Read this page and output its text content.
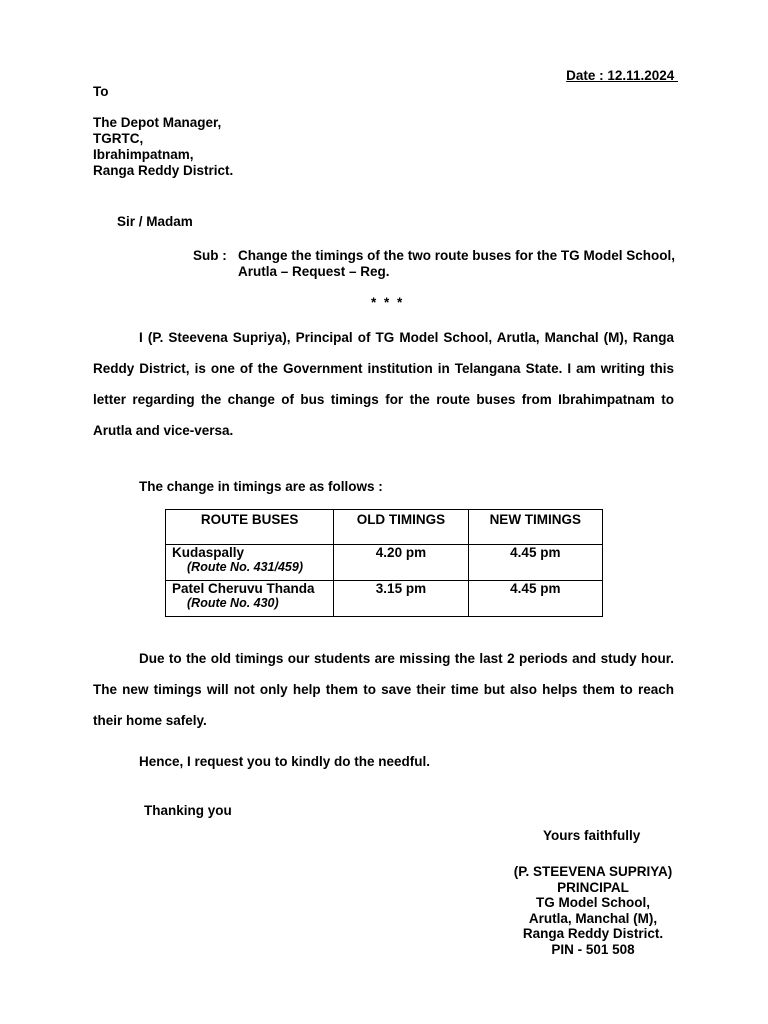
Date : 12.11.2024
To
The Depot Manager,
TGRTC,
Ibrahimpatnam,
Ranga Reddy District.
Sir / Madam
Sub : Change the timings of the two route buses for the TG Model School, Arutla – Request – Reg.
* * *
I (P. Steevena Supriya), Principal of TG Model School, Arutla, Manchal (M), Ranga Reddy District, is one of the Government institution in Telangana State. I am writing this letter regarding the change of bus timings for the route buses from Ibrahimpatnam to Arutla and vice-versa.
The change in timings are as follows :
ROUTE BUSES	OLD TIMINGS	NEW TIMINGS

Kudaspally
(Route No. 431/459)	4.20 pm	4.45 pm

Patel Cheruvu Thanda
(Route No. 430)	3.15 pm	4.45 pm
Due to the old timings our students are missing the last 2 periods and study hour. The new timings will not only help them to save their time but also helps them to reach their home safely.
Hence, I request you to kindly do the needful.
Thanking you
Yours faithfully
(P. STEEVENA SUPRIYA)
PRINCIPAL
TG Model School,
Arutla, Manchal (M),
Ranga Reddy District.
PIN - 501 508
